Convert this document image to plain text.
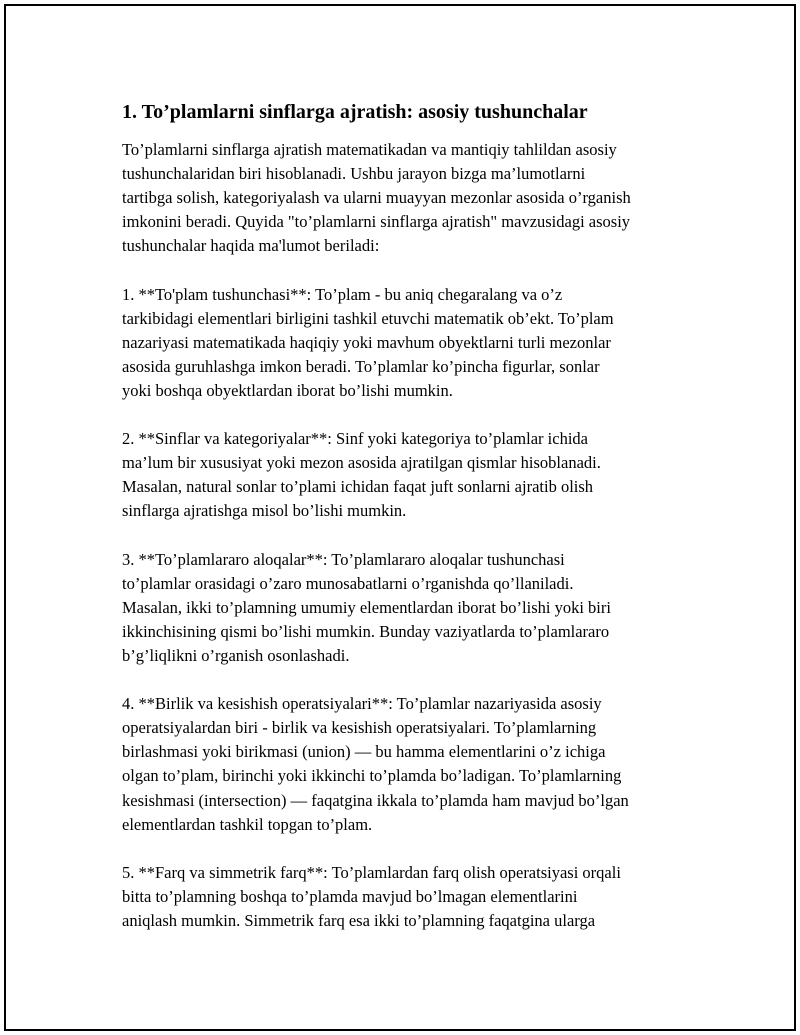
1. To’plamlarni sinflarga ajratish: asosiy tushunchalar
To’plamlarni sinflarga ajratish matematikadan va mantiqiy tahlildan asosiy
tushunchalaridan biri hisoblanadi. Ushbu jarayon bizga ma’lumotlarni
tartibga solish, kategoriyalash va ularni muayyan mezonlar asosida o’rganish
imkonini beradi. Quyida "to’plamlarni sinflarga ajratish" mavzusidagi asosiy
tushunchalar haqida ma'lumot beriladi:
1. **To'plam tushunchasi**: To’plam - bu aniq chegaralang va o’z
tarkibidagi elementlari birligini tashkil etuvchi matematik ob’ekt. To’plam
nazariyasi matematikada haqiqiy yoki mavhum obyektlarni turli mezonlar
asosida guruhlashga imkon beradi. To’plamlar ko’pincha figurlar, sonlar
yoki boshqa obyektlardan iborat bo’lishi mumkin.
2. **Sinflar va kategoriyalar**: Sinf yoki kategoriya to’plamlar ichida
ma’lum bir xususiyat yoki mezon asosida ajratilgan qismlar hisoblanadi.
Masalan, natural sonlar to’plami ichidan faqat juft sonlarni ajratib olish
sinflarga ajratishga misol bo’lishi mumkin.
3. **To’plamlararo aloqalar**: To’plamlararo aloqalar tushunchasi
to’plamlar orasidagi o’zaro munosabatlarni o’rganishda qo’llaniladi.
Masalan, ikki to’plamning umumiy elementlardan iborat bo’lishi yoki biri
ikkinchisining qismi bo’lishi mumkin. Bunday vaziyatlarda to’plamlararo
b’g’liqlikni o’rganish osonlashadi.
4. **Birlik va kesishish operatsiyalari**: To’plamlar nazariyasida asosiy
operatsiyalardan biri - birlik va kesishish operatsiyalari. To’plamlarning
birlashmasi yoki birikmasi (union) — bu hamma elementlarini o’z ichiga
olgan to’plam, birinchi yoki ikkinchi to’plamda bo’ladigan. To’plamlarning
kesishmasi (intersection) — faqatgina ikkala to’plamda ham mavjud bo’lgan
elementlardan tashkil topgan to’plam.
5. **Farq va simmetrik farq**: To’plamlardan farq olish operatsiyasi orqali
bitta to’plamning boshqa to’plamda mavjud bo’lmagan elementlarini
aniqlash mumkin. Simmetrik farq esa ikki to’plamning faqatgina ularga
